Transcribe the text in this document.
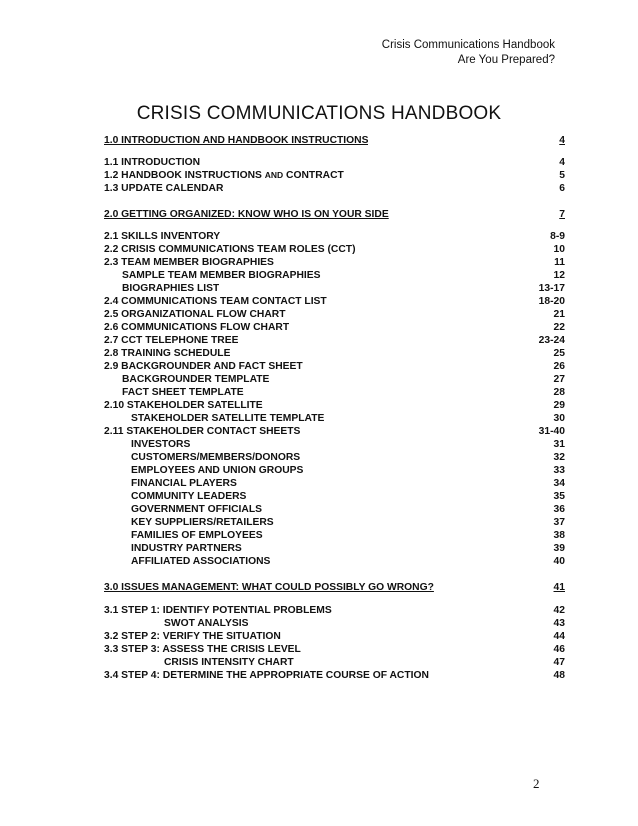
Crisis Communications Handbook
Are You Prepared?
CRISIS COMMUNICATIONS HANDBOOK
1.0 INTRODUCTION AND HANDBOOK INSTRUCTIONS	4
1.1 INTRODUCTION	4
1.2 HANDBOOK INSTRUCTIONS AND CONTRACT	5
1.3 UPDATE CALENDAR	6
2.0 GETTING ORGANIZED: KNOW WHO IS ON YOUR SIDE	7
2.1 SKILLS INVENTORY	8-9
2.2 CRISIS COMMUNICATIONS TEAM ROLES (CCT)	10
2.3 TEAM MEMBER BIOGRAPHIES	11
SAMPLE TEAM MEMBER BIOGRAPHIES	12
BIOGRAPHIES LIST	13-17
2.4 COMMUNICATIONS TEAM CONTACT LIST	18-20
2.5 ORGANIZATIONAL FLOW CHART	21
2.6 COMMUNICATIONS FLOW CHART	22
2.7 CCT TELEPHONE TREE	23-24
2.8 TRAINING SCHEDULE	25
2.9 BACKGROUNDER AND FACT SHEET	26
BACKGROUNDER TEMPLATE	27
FACT SHEET TEMPLATE	28
2.10 STAKEHOLDER SATELLITE	29
STAKEHOLDER SATELLITE TEMPLATE	30
2.11 STAKEHOLDER CONTACT SHEETS	31-40
INVESTORS	31
CUSTOMERS/MEMBERS/DONORS	32
EMPLOYEES AND UNION GROUPS	33
FINANCIAL PLAYERS	34
COMMUNITY LEADERS	35
GOVERNMENT OFFICIALS	36
KEY SUPPLIERS/RETAILERS	37
FAMILIES OF EMPLOYEES	38
INDUSTRY PARTNERS	39
AFFILIATED ASSOCIATIONS	40
3.0 ISSUES MANAGEMENT: WHAT COULD POSSIBLY GO WRONG?	41
3.1 STEP 1: IDENTIFY POTENTIAL PROBLEMS	42
SWOT ANALYSIS	43
3.2 STEP 2: VERIFY THE SITUATION	44
3.3 STEP 3: ASSESS THE CRISIS LEVEL	46
CRISIS INTENSITY CHART	47
3.4 STEP 4: DETERMINE THE APPROPRIATE COURSE OF ACTION	48
2
